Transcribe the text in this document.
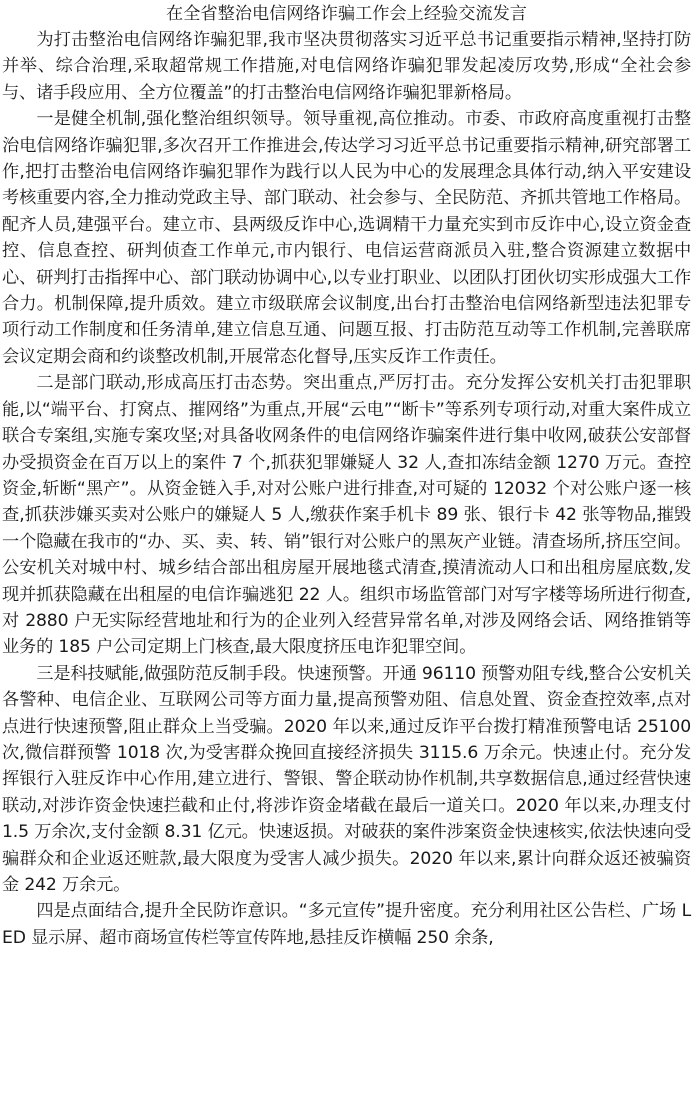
在全省整治电信网络诈骗工作会上经验交流发言

为打击整治电信网络诈骗犯罪,我市坚决贯彻落实习近平总书记重要指示精神,坚持打防并举、综合治理,采取超常规工作措施,对电信网络诈骗犯罪发起凌厉攻势,形成“全社会参与、诸手段应用、全方位覆盖”的打击整治电信网络诈骗犯罪新格局。

一是健全机制,强化整治组织领导。领导重视,高位推动。市委、市政府高度重视打击整治电信网络诈骗犯罪,多次召开工作推进会,传达学习习近平总书记重要指示精神,研究部署工作,把打击整治电信网络诈骗犯罪作为践行以人民为中心的发展理念具体行动,纳入平安建设考核重要内容,全力推动党政主导、部门联动、社会参与、全民防范、齐抓共管地工作格局。配齐人员,建强平台。建立市、县两级反诈中心,选调精干力量充实到市反诈中心,设立资金查控、信息查控、研判侦查工作单元,市内银行、电信运营商派员入驻,整合资源建立数据中心、研判打击指挥中心、部门联动协调中心,以专业打职业、以团队打团伙切实形成强大工作合力。机制保障,提升质效。建立市级联席会议制度,出台打击整治电信网络新型违法犯罪专项行动工作制度和任务清单,建立信息互通、问题互报、打击防范互动等工作机制,完善联席会议定期会商和约谈整改机制,开展常态化督导,压实反诈工作责任。

二是部门联动,形成高压打击态势。突出重点,严厉打击。充分发挥公安机关打击犯罪职能,以“端平台、打窝点、摧网络”为重点,开展“云电”“断卡”等系列专项行动,对重大案件成立联合专案组,实施专案攻坚;对具备收网条件的电信网络诈骗案件进行集中收网,破获公安部督办受损资金在百万以上的案件 7 个,抓获犯罪嫌疑人 32 人,查扣冻结金额 1270 万元。查控资金,斩断“黑产”。从资金链入手,对对公账户进行排查,对可疑的 12032 个对公账户逐一核查,抓获涉嫌买卖对公账户的嫌疑人 5 人,缴获作案手机卡 89 张、银行卡 42 张等物品,摧毁一个隐藏在我市的“办、买、卖、转、销”银行对公账户的黑灰产业链。清查场所,挤压空间。公安机关对城中村、城乡结合部出租房屋开展地毯式清查,摸清流动人口和出租房屋底数,发现并抓获隐藏在出租屋的电信诈骗逃犯 22 人。组织市场监管部门对写字楼等场所进行彻查,对 2880 户无实际经营地址和行为的企业列入经营异常名单,对涉及网络会话、网络推销等业务的 185 户公司定期上门核查,最大限度挤压电诈犯罪空间。

三是科技赋能,做强防范反制手段。快速预警。开通 96110 预警劝阻专线,整合公安机关各警种、电信企业、互联网公司等方面力量,提高预警劝阻、信息处置、资金查控效率,点对点进行快速预警,阻止群众上当受骗。2020 年以来,通过反诈平台拨打精准预警电话 25100 次,微信群预警 1018 次,为受害群众挽回直接经济损失 3115.6 万余元。快速止付。充分发挥银行入驻反诈中心作用,建立进行、警银、警企联动协作机制,共享数据信息,通过经营快速联动,对涉诈资金快速拦截和止付,将涉诈资金堵截在最后一道关口。2020 年以来,办理支付 1.5 万余次,支付金额 8.31 亿元。快速返损。对破获的案件涉案资金快速核实,依法快速向受骗群众和企业返还赃款,最大限度为受害人减少损失。2020 年以来,累计向群众返还被骗资金 242 万余元。

四是点面结合,提升全民防诈意识。“多元宣传”提升密度。充分利用社区公告栏、广场 LED 显示屏、超市商场宣传栏等宣传阵地,悬挂反诈横幅 250 余条,
